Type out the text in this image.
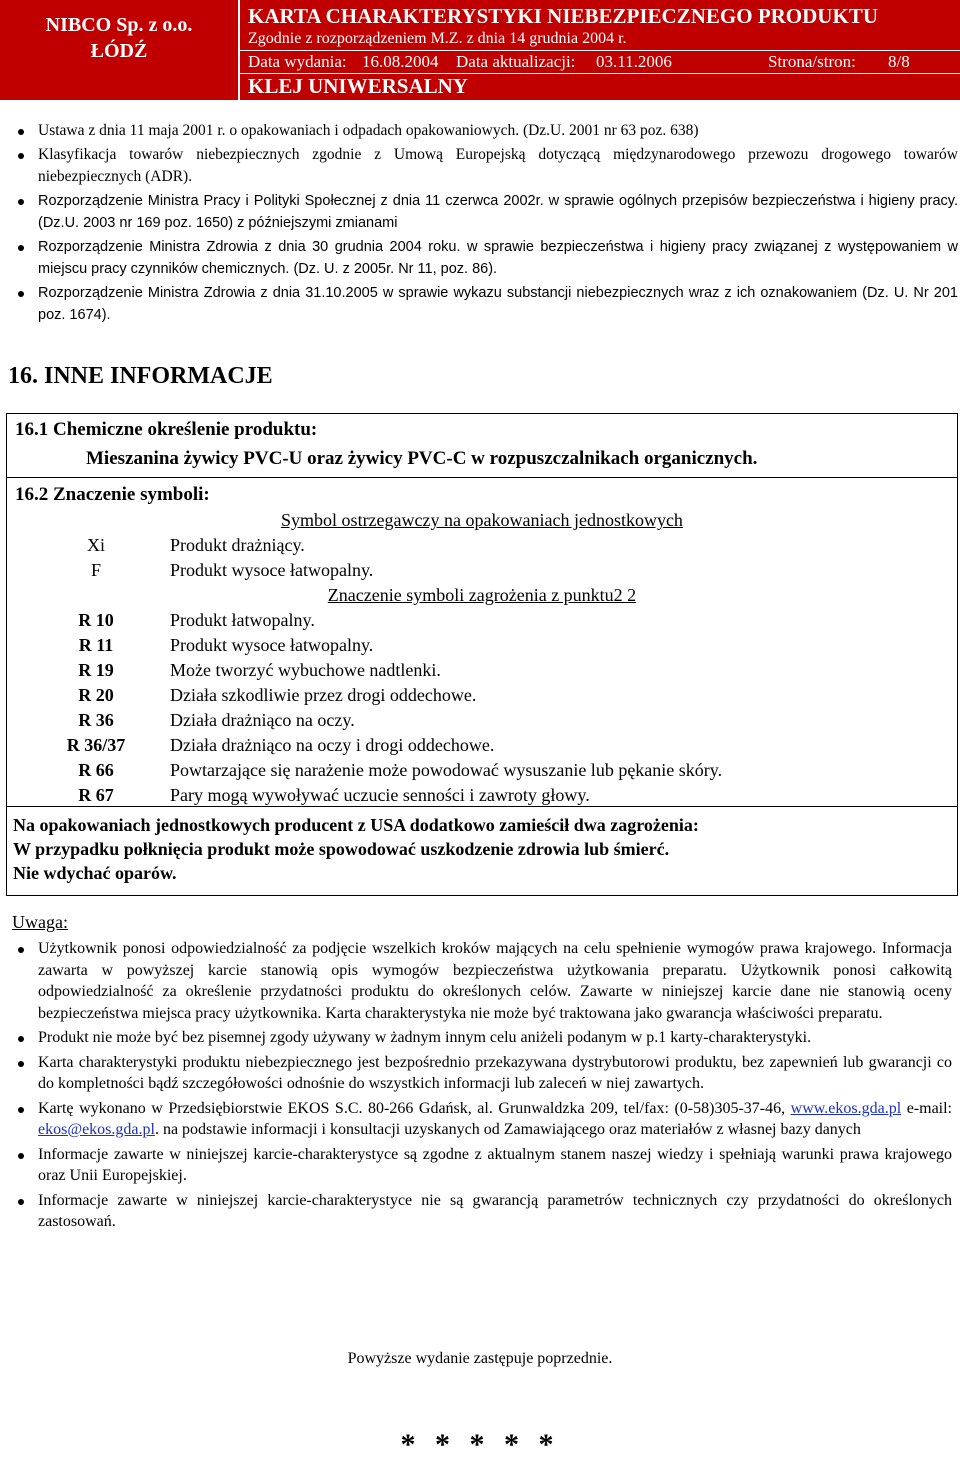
NIBCO Sp. z o.o.
ŁÓDŹ
KARTA CHARAKTERYSTYKI NIEBEZPIECZNEGO PRODUKTU
Zgodnie z rozporządzeniem M.Z. z dnia 14 grudnia 2004 r.
Data wydania: 16.08.2004 Data aktualizacji: 03.11.2006	Strona/stron: 8/8
KLEJ UNIWERSALNY
Ustawa z dnia 11 maja 2001 r. o opakowaniach i odpadach opakowaniowych. (Dz.U. 2001 nr 63 poz. 638)
Klasyfikacja towarów niebezpiecznych zgodnie z Umową Europejską dotyczącą międzynarodowego przewozu drogowego towarów niebezpiecznych (ADR).
Rozporządzenie Ministra Pracy i Polityki Społecznej z dnia 11 czerwca 2002r. w sprawie ogólnych przepisów bezpieczeństwa i higieny pracy. (Dz.U. 2003 nr 169 poz. 1650) z późniejszymi zmianami
Rozporządzenie Ministra Zdrowia z dnia 30 grudnia 2004 roku. w sprawie bezpieczeństwa i higieny pracy związanej z występowaniem w miejscu pracy czynników chemicznych. (Dz. U. z 2005r. Nr 11, poz. 86).
Rozporządzenie Ministra Zdrowia z dnia 31.10.2005 w sprawie wykazu substancji niebezpiecznych wraz z ich oznakowaniem (Dz. U. Nr 201 poz. 1674).
16. INNE INFORMACJE
16.1 Chemiczne określenie produktu:
Mieszanina żywicy PVC-U oraz żywicy PVC-C w rozpuszczalnikach organicznych.
16.2 Znaczenie symboli:
Symbol ostrzegawczy na opakowaniach jednostkowych
Xi	Produkt drażniący.
F	Produkt wysoce łatwopalny.
Znaczenie symboli zagrożenia z punktu2 2
R 10	Produkt łatwopalny.
R 11	Produkt wysoce łatwopalny.
R 19	Może tworzyć wybuchowe nadtlenki.
R 20	Działa szkodliwie przez drogi oddechowe.
R 36	Działa drażniąco na oczy.
R 36/37	Działa drażniąco na oczy i drogi oddechowe.
R 66	Powtarzające się narażenie może powodować wysuszanie lub pękanie skóry.
R 67	Pary mogą wywoływać uczucie senności i zawroty głowy.
Na opakowaniach jednostkowych producent z USA dodatkowo zamieścił dwa zagrożenia:
W przypadku połknięcia produkt może spowodować uszkodzenie zdrowia lub śmierć.
Nie wdychać oparów.
Uwaga:
Użytkownik ponosi odpowiedzialność za podjęcie wszelkich kroków mających na celu spełnienie wymogów prawa krajowego. Informacja zawarta w powyższej karcie stanowią opis wymogów bezpieczeństwa użytkowania preparatu. Użytkownik ponosi całkowitą odpowiedzialność za określenie przydatności produktu do określonych celów. Zawarte w niniejszej karcie dane nie stanowią oceny bezpieczeństwa miejsca pracy użytkownika. Karta charakterystyka nie może być traktowana jako gwarancja właściwości preparatu.
Produkt nie może być bez pisemnej zgody używany w żadnym innym celu aniżeli podanym w p.1 karty-charakterystyki.
Karta charakterystyki produktu niebezpiecznego jest bezpośrednio przekazywana dystrybutorowi produktu, bez zapewnień lub gwarancji co do kompletności bądź szczegółowości odnośnie do wszystkich informacji lub zaleceń w niej zawartych.
Kartę wykonano w Przedsiębiorstwie EKOS S.C. 80-266 Gdańsk, al. Grunwaldzka 209, tel/fax: (0-58)305-37-46, www.ekos.gda.pl e-mail: ekos@ekos.gda.pl. na podstawie informacji i konsultacji uzyskanych od Zamawiającego oraz materiałów z własnej bazy danych
Informacje zawarte w niniejszej karcie-charakterystyce są zgodne z aktualnym stanem naszej wiedzy i spełniają warunki prawa krajowego oraz Unii Europejskiej.
Informacje zawarte w niniejszej karcie-charakterystyce nie są gwarancją parametrów technicznych czy przydatności do określonych zastosowań.
Powyższe wydanie zastępuje poprzednie.
* * * * *
